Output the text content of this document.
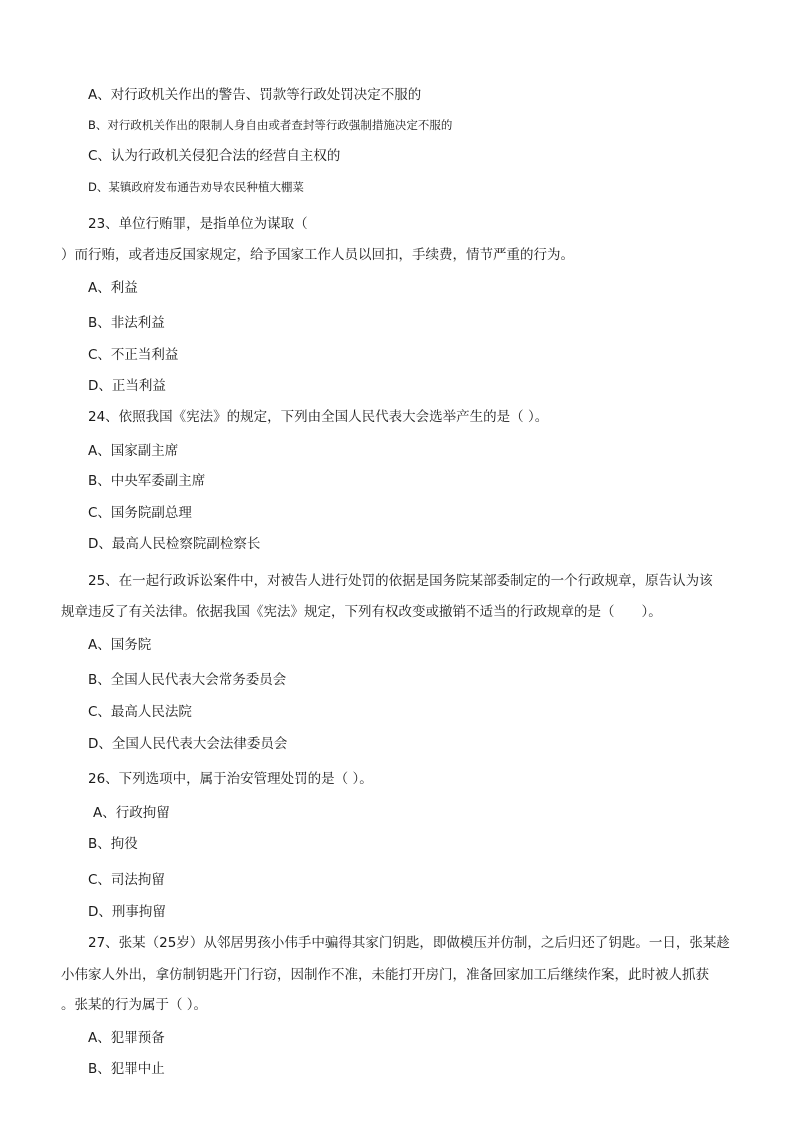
A、对行政机关作出的警告、罚款等行政处罚决定不服的
B、对行政机关作出的限制人身自由或者查封等行政强制措施决定不服的
C、认为行政机关侵犯合法的经营自主权的
D、某镇政府发布通告劝导农民种植大棚菜
23、单位行贿罪，是指单位为谋取（
）而行贿，或者违反国家规定，给予国家工作人员以回扣，手续费，情节严重的行为。
A、利益
B、非法利益
C、不正当利益
D、正当利益
24、依照我国《宪法》的规定，下列由全国人民代表大会选举产生的是（ ）。
A、国家副主席
B、中央军委副主席
C、国务院副总理
D、最高人民检察院副检察长
25、在一起行政诉讼案件中，对被告人进行处罚的依据是国务院某部委制定的一个行政规章，原告认为该
规章违反了有关法律。依据我国《宪法》规定，下列有权改变或撤销不适当的行政规章的是（　　）。
A、国务院
B、全国人民代表大会常务委员会
C、最高人民法院
D、全国人民代表大会法律委员会
26、下列选项中，属于治安管理处罚的是（ ）。
A、行政拘留
B、拘役
C、司法拘留
D、刑事拘留
27、张某（25岁）从邻居男孩小伟手中骗得其家门钥匙，即做模压并仿制，之后归还了钥匙。一日，张某趁
小伟家人外出，拿仿制钥匙开门行窃，因制作不准，未能打开房门，准备回家加工后继续作案，此时被人抓获
。张某的行为属于（ ）。
A、犯罪预备
B、犯罪中止
